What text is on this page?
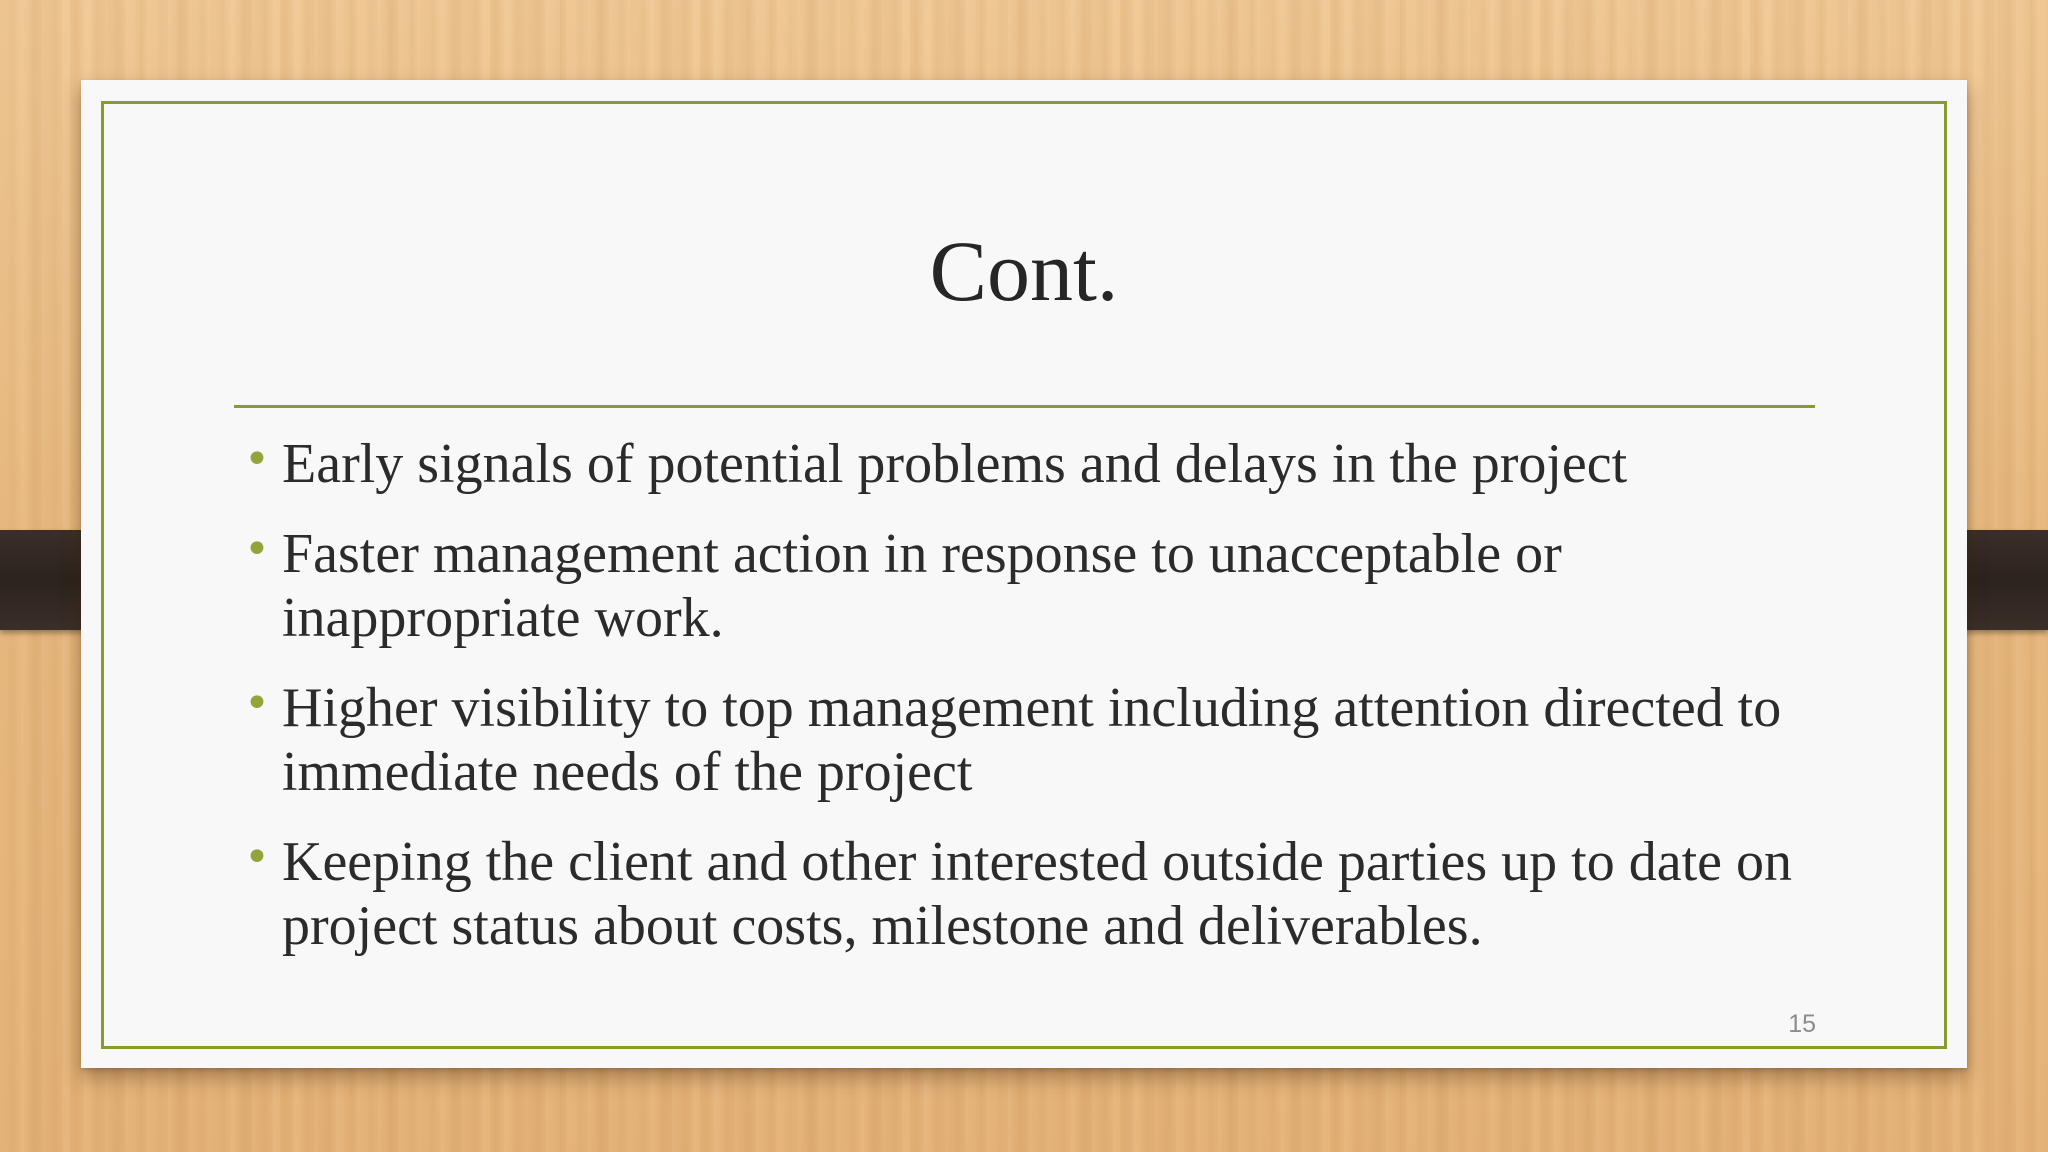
Cont.
• Early signals of potential problems and delays in the project
• Faster management action in response to unacceptable or inappropriate work.
• Higher visibility to top management including attention directed to immediate needs of the project
• Keeping the client and other interested outside parties up to date on project status about costs, milestone and deliverables.
15
